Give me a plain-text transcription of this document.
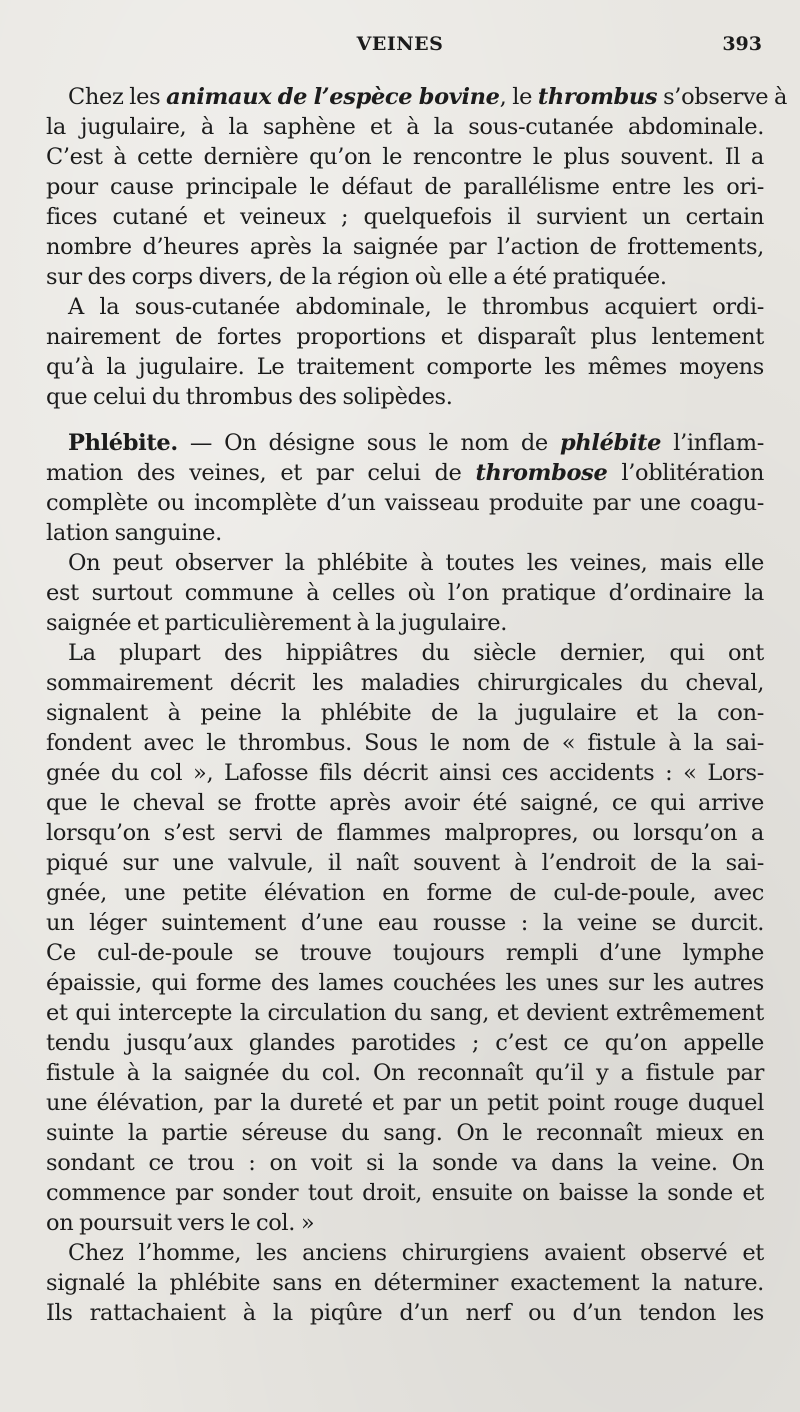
VEINES	393
Chez les animaux de l’espèce bovine, le thrombus s’observe à
la jugulaire, à la saphène et à la sous-cutanée abdominale.
C’est à cette dernière qu’on le rencontre le plus souvent. Il a
pour cause principale le défaut de parallélisme entre les ori-
fices cutané et veineux ; quelquefois il survient un certain
nombre d’heures après la saignée par l’action de frottements,
sur des corps divers, de la région où elle a été pratiquée.
A la sous-cutanée abdominale, le thrombus acquiert ordi-
nairement de fortes proportions et disparaît plus lentement
qu’à la jugulaire. Le traitement comporte les mêmes moyens
que celui du thrombus des solipèdes.
Phlébite. — On désigne sous le nom de phlébite l’inflam-
mation des veines, et par celui de thrombose l’oblitération
complète ou incomplète d’un vaisseau produite par une coagu-
lation sanguine.
On peut observer la phlébite à toutes les veines, mais elle
est surtout commune à celles où l’on pratique d’ordinaire la
saignée et particulièrement à la jugulaire.
La plupart des hippiâtres du siècle dernier, qui ont
sommairement décrit les maladies chirurgicales du cheval,
signalent à peine la phlébite de la jugulaire et la con-
fondent avec le thrombus. Sous le nom de « fistule à la sai-
gnée du col », Lafosse fils décrit ainsi ces accidents : « Lors-
que le cheval se frotte après avoir été saigné, ce qui arrive
lorsqu’on s’est servi de flammes malpropres, ou lorsqu’on a
piqué sur une valvule, il naît souvent à l’endroit de la sai-
gnée, une petite élévation en forme de cul-de-poule, avec
un léger suintement d’une eau rousse : la veine se durcit.
Ce cul-de-poule se trouve toujours rempli d’une lymphe
épaissie, qui forme des lames couchées les unes sur les autres
et qui intercepte la circulation du sang, et devient extrêmement
tendu jusqu’aux glandes parotides ; c’est ce qu’on appelle
fistule à la saignée du col. On reconnaît qu’il y a fistule par
une élévation, par la dureté et par un petit point rouge duquel
suinte la partie séreuse du sang. On le reconnaît mieux en
sondant ce trou : on voit si la sonde va dans la veine. On
commence par sonder tout droit, ensuite on baisse la sonde et
on poursuit vers le col. »
Chez l’homme, les anciens chirurgiens avaient observé et
signalé la phlébite sans en déterminer exactement la nature.
Ils rattachaient à la piqûre d’un nerf ou d’un tendon les
